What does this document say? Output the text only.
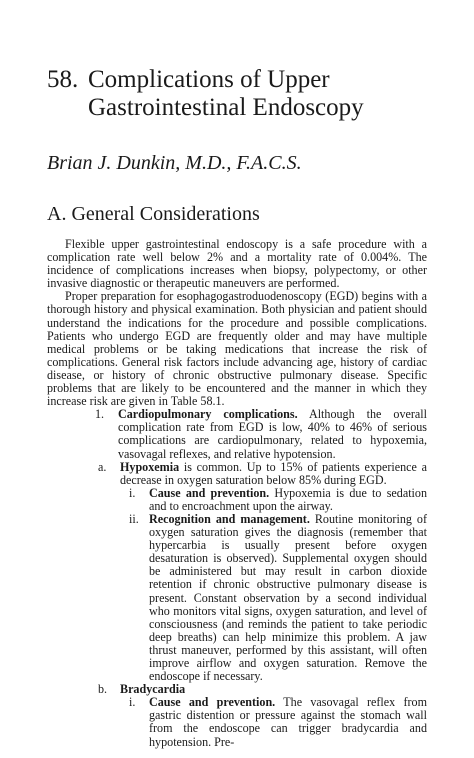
58. Complications of Upper
Gastrointestinal Endoscopy
Brian J. Dunkin, M.D., F.A.C.S.
A. General Considerations

Flexible upper gastrointestinal endoscopy is a safe procedure with a complication rate well below 2% and a mortality rate of 0.004%. The incidence of complications increases when biopsy, polypectomy, or other invasive diagnostic or therapeutic maneuvers are performed.

Proper preparation for esophagogastroduodenoscopy (EGD) begins with a thorough history and physical examination. Both physician and patient should understand the indications for the procedure and possible complications. Patients who undergo EGD are frequently older and may have multiple medical problems or be taking medications that increase the risk of complications. General risk factors include advancing age, history of cardiac disease, or history of chronic obstructive pulmonary disease. Specific problems that are likely to be encountered and the manner in which they increase risk are given in Table 58.1.

1.	Cardiopulmonary complications. Although the overall complication rate from EGD is low, 40% to 46% of serious complications are cardiopulmonary, related to hypoxemia, vasovagal reflexes, and relative hypotension.
a.	Hypoxemia is common. Up to 15% of patients experience a decrease in oxygen saturation below 85% during EGD.
i.	Cause and prevention. Hypoxemia is due to sedation and to encroachment upon the airway.
ii. Recognition and management. Routine monitoring of oxygen saturation gives the diagnosis (remember that hypercarbia is usually present before oxygen desaturation is observed). Supplemental oxygen should be administered but may result in carbon dioxide retention if chronic obstructive pulmonary disease is present. Constant observation by a second individual who monitors vital signs, oxygen saturation, and level of consciousness (and reminds the patient to take periodic deep breaths) can help minimize this problem. A jaw thrust maneuver, performed by this assistant, will often improve airflow and oxygen saturation. Remove the endoscope if necessary.
b.	Bradycardia
i.	Cause and prevention. The vasovagal reflex from gastric distention or pressure against the stomach wall from the endoscope can trigger bradycardia and hypotension. Pre-
